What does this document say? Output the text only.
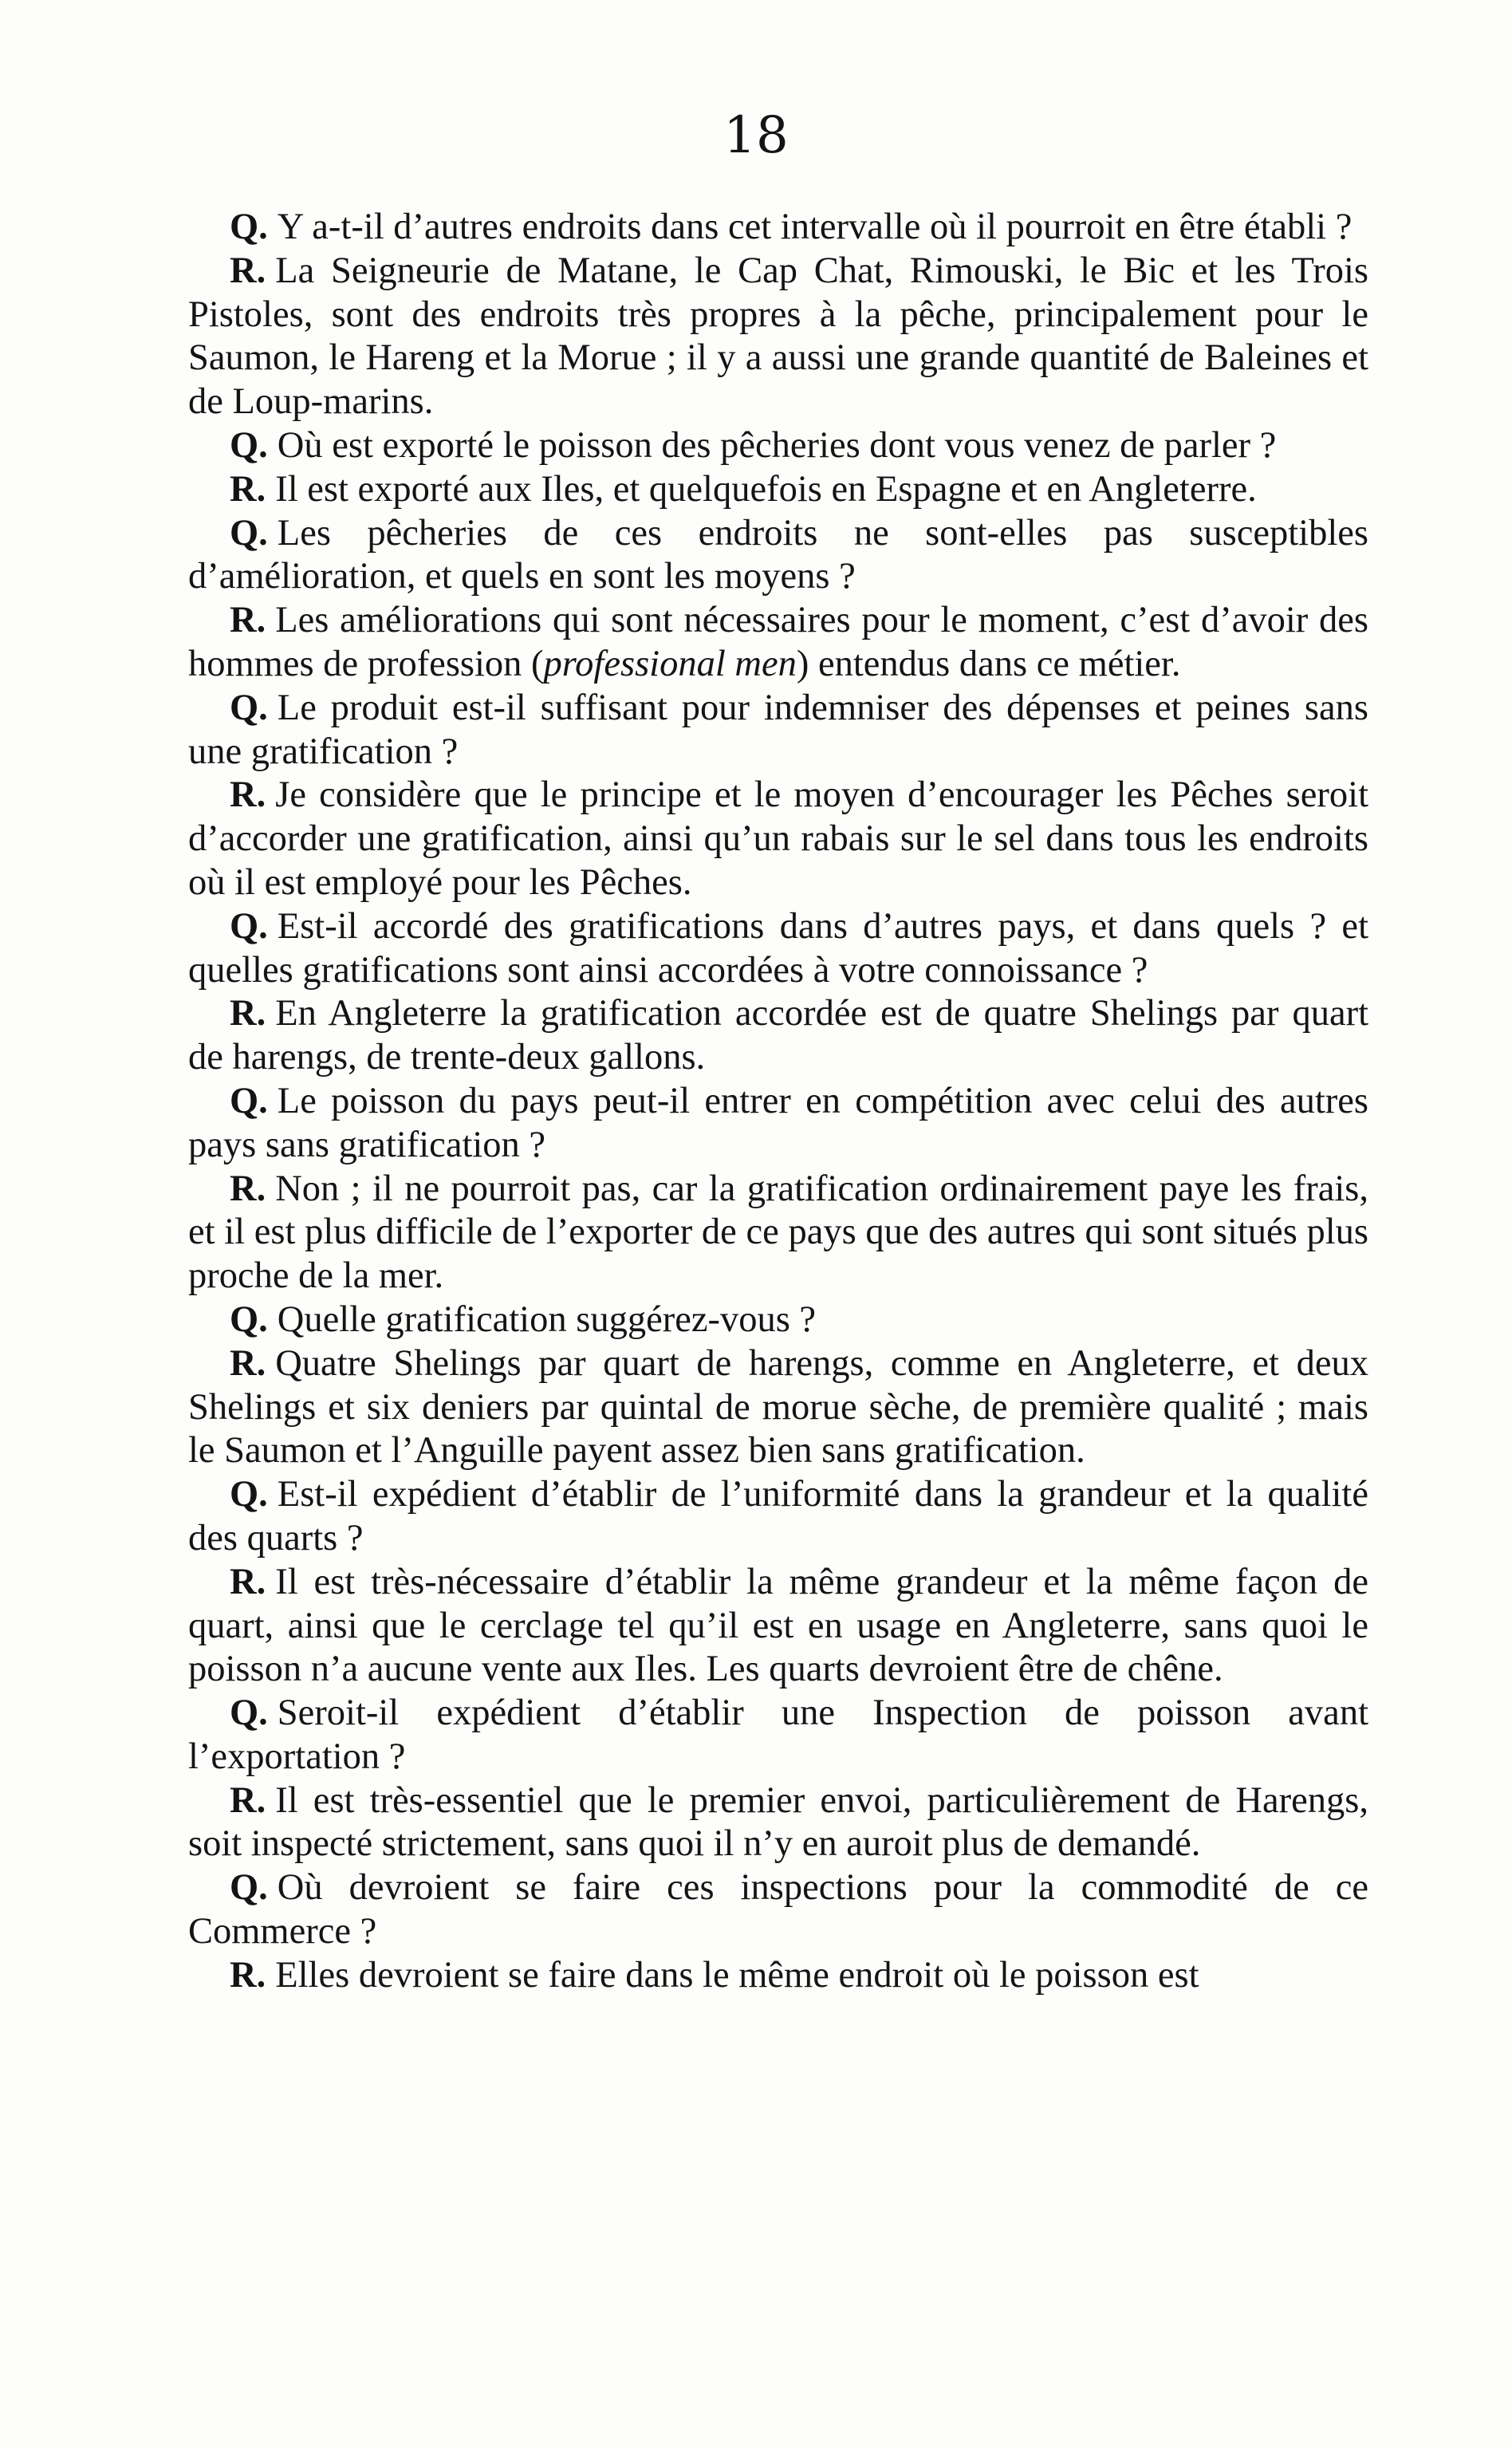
18

Q. Y a-t-il d’autres endroits dans cet intervalle où il pourroit en être établi ?

R. La Seigneurie de Matane, le Cap Chat, Rimouski, le Bic et les Trois Pistoles, sont des endroits très propres à la pêche, principalement pour le Saumon, le Hareng et la Morue ; il y a aussi une grande quantité de Baleines et de Loup-marins.

Q. Où est exporté le poisson des pêcheries dont vous venez de parler ?

R. Il est exporté aux Iles, et quelquefois en Espagne et en Angleterre.

Q. Les pêcheries de ces endroits ne sont-elles pas susceptibles d’amélioration, et quels en sont les moyens ?

R. Les améliorations qui sont nécessaires pour le moment, c’est d’avoir des hommes de profession (professional men) entendus dans ce métier.

Q. Le produit est-il suffisant pour indemniser des dépenses et peines sans une gratification ?

R. Je considère que le principe et le moyen d’encourager les Pêches seroit d’accorder une gratification, ainsi qu’un rabais sur le sel dans tous les endroits où il est employé pour les Pêches.

Q. Est-il accordé des gratifications dans d’autres pays, et dans quels ? et quelles gratifications sont ainsi accordées à votre connoissance ?

R. En Angleterre la gratification accordée est de quatre Shelings par quart de harengs, de trente-deux gallons.

Q. Le poisson du pays peut-il entrer en compétition avec celui des autres pays sans gratification ?

R. Non ; il ne pourroit pas, car la gratification ordinairement paye les frais, et il est plus difficile de l’exporter de ce pays que des autres qui sont situés plus proche de la mer.

Q. Quelle gratification suggérez-vous ?

R. Quatre Shelings par quart de harengs, comme en Angleterre, et deux Shelings et six deniers par quintal de morue sèche, de première qualité ; mais le Saumon et l’Anguille payent assez bien sans gratification.

Q. Est-il expédient d’établir de l’uniformité dans la grandeur et la qualité des quarts ?

R. Il est très-nécessaire d’établir la même grandeur et la même façon de quart, ainsi que le cerclage tel qu’il est en usage en Angleterre, sans quoi le poisson n’a aucune vente aux Iles. Les quarts devroient être de chêne.

Q. Seroit-il expédient d’établir une Inspection de poisson avant l’exportation ?

R. Il est très-essentiel que le premier envoi, particulièrement de Harengs, soit inspecté strictement, sans quoi il n’y en auroit plus de demandé.

Q. Où devroient se faire ces inspections pour la commodité de ce Commerce ?

R. Elles devroient se faire dans le même endroit où le poisson est
